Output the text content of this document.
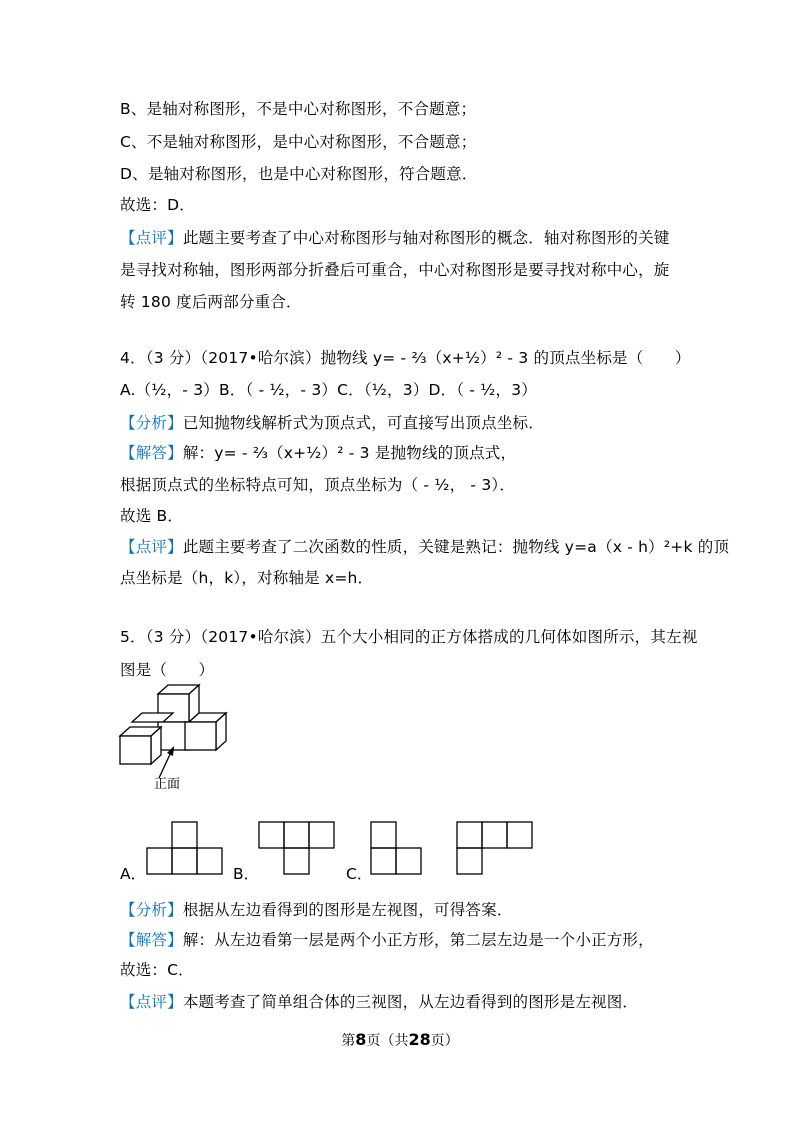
B、是轴对称图形，不是中心对称图形，不合题意；
C、不是轴对称图形，是中心对称图形，不合题意；
D、是轴对称图形，也是中心对称图形，符合题意．
故选：D．
【点评】此题主要考查了中心对称图形与轴对称图形的概念．轴对称图形的关键
是寻找对称轴，图形两部分折叠后可重合，中心对称图形是要寻找对称中心，旋
转 180 度后两部分重合．
4．（3 分）（2017•哈尔滨）抛物线 y= - ⅔（x+½）² - 3 的顶点坐标是（　　）
A.（½，- 3）B．（ - ½，- 3）C．（½，3）D．（ - ½，3）
【分析】已知抛物线解析式为顶点式，可直接写出顶点坐标．
【解答】解：y= - ⅔（x+½）² - 3 是抛物线的顶点式，
根据顶点式的坐标特点可知，顶点坐标为（ - ½， - 3）．
故选 B．
【点评】此题主要考查了二次函数的性质，关键是熟记：抛物线 y=a（x - h）²+k 的顶
点坐标是（h，k），对称轴是 x=h．
5．（3 分）（2017•哈尔滨）五个大小相同的正方体搭成的几何体如图所示，其左视
图是（　　）
正面
A．	B．	C．
【分析】根据从左边看得到的图形是左视图，可得答案．
【解答】解：从左边看第一层是两个小正方形，第二层左边是一个小正方形，
故选：C．
【点评】本题考查了简单组合体的三视图，从左边看得到的图形是左视图．
第8页（共28页）
